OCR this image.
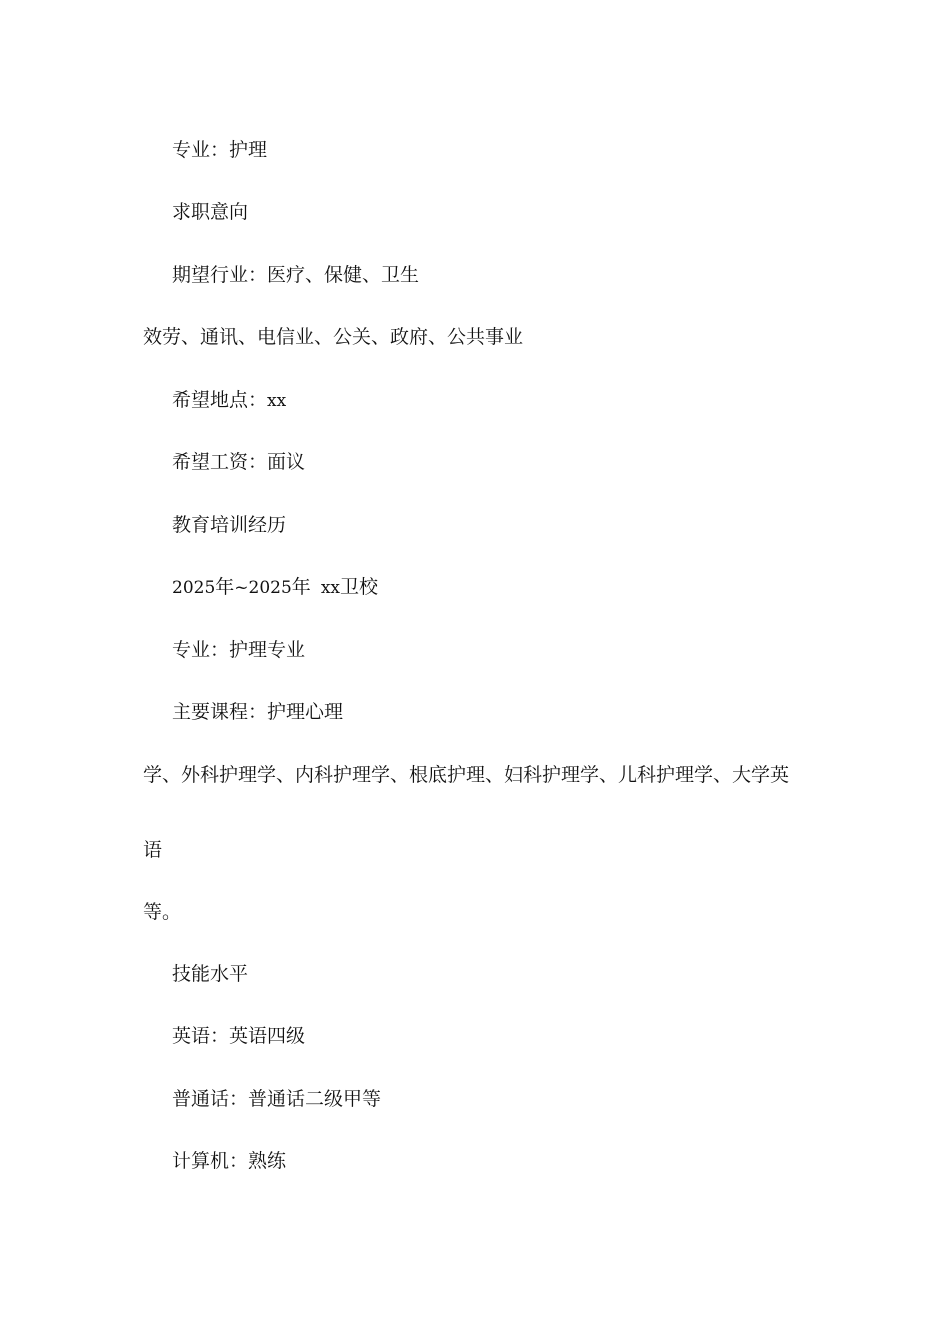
专业：护理
求职意向
期望行业：医疗、保健、卫生
效劳、通讯、电信业、公关、政府、公共事业
希望地点：xx
希望工资：面议
教育培训经历
2025年~2025年 xx卫校
专业：护理专业
主要课程：护理心理
学、外科护理学、内科护理学、根底护理、妇科护理学、儿科护理学、大学英
语
等。
技能水平
英语：英语四级
普通话：普通话二级甲等
计算机：熟练
